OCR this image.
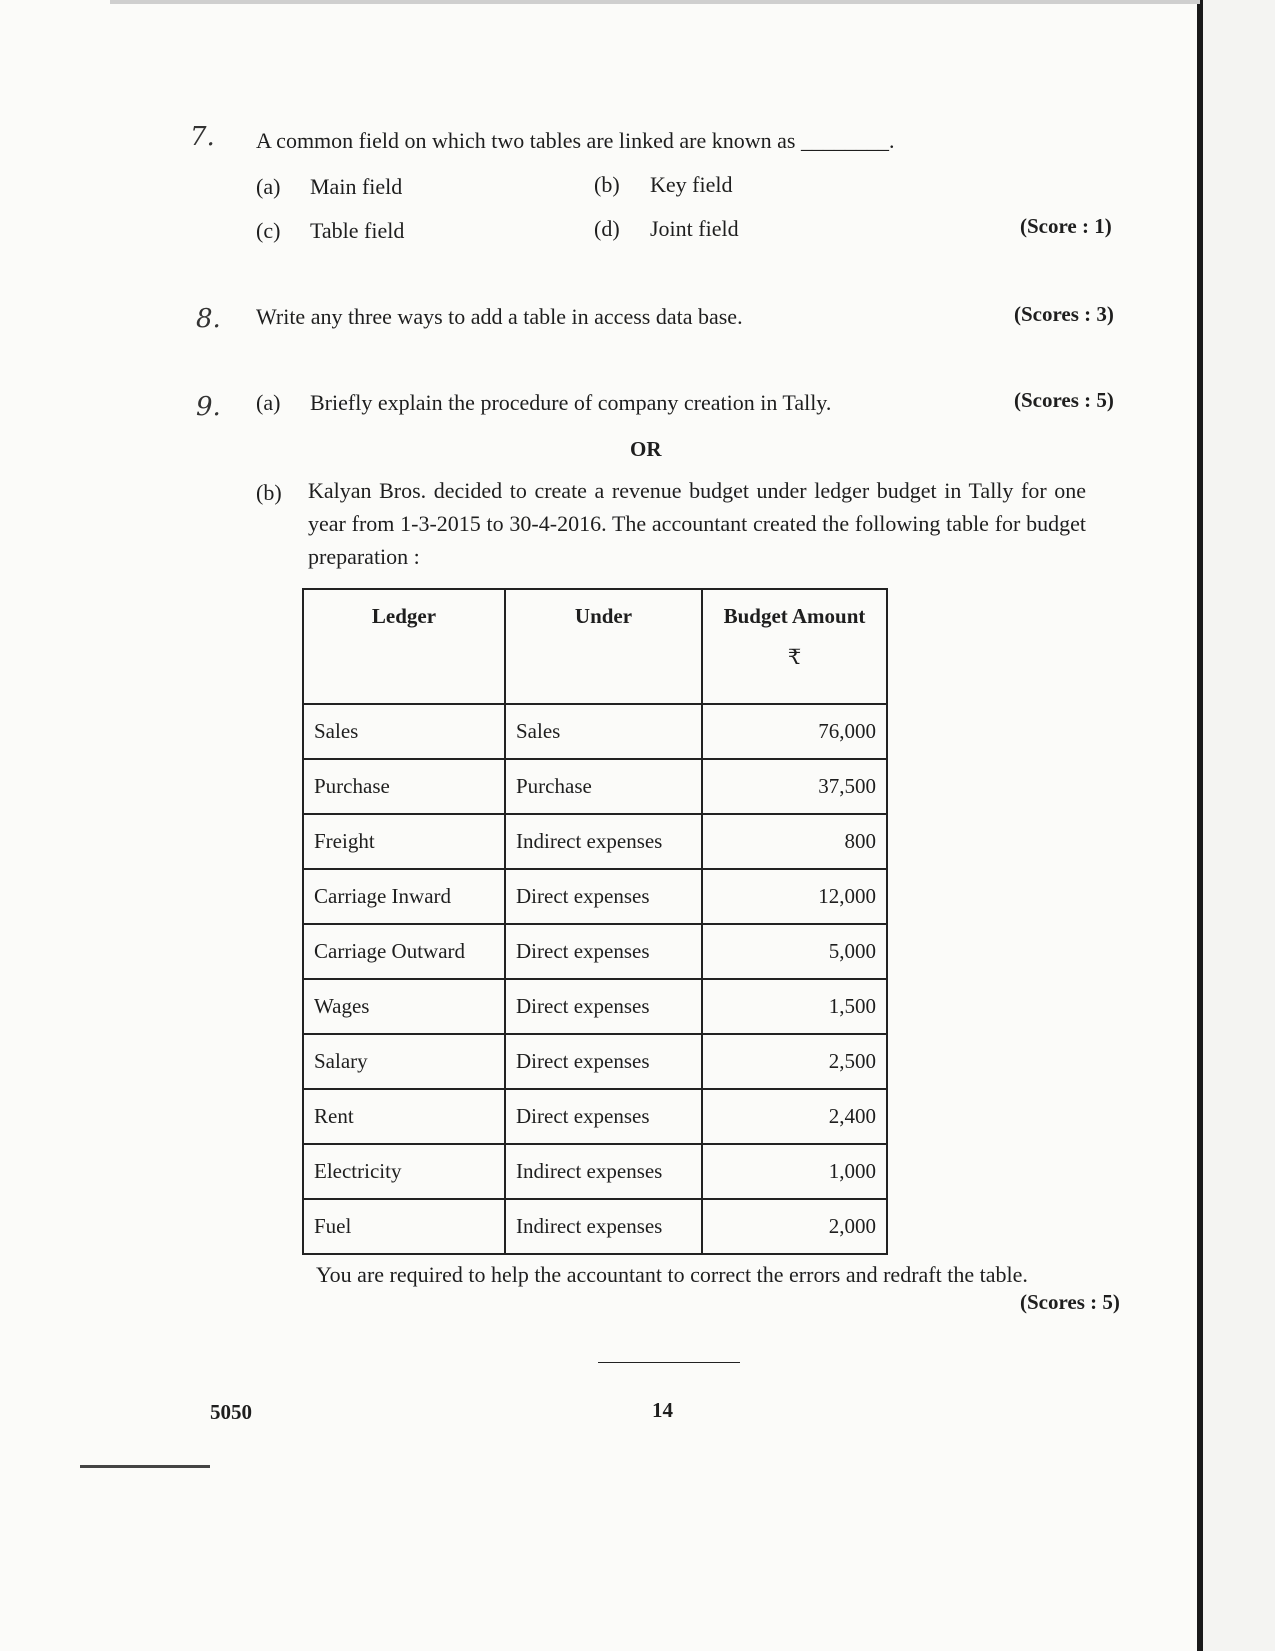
7. A common field on which two tables are linked are known as ________.
(a) Main field	(b) Key field
(c) Table field	(d) Joint field	(Score : 1)
8. Write any three ways to add a table in access data base.	(Scores : 3)
9. (a) Briefly explain the procedure of company creation in Tally.	(Scores : 5)
OR
(b) Kalyan Bros. decided to create a revenue budget under ledger budget in Tally for one year from 1-3-2015 to 30-4-2016. The accountant created the following table for budget preparation :
Ledger	Under	Budget Amount
₹

Sales	Sales	76,000
Purchase	Purchase	37,500
Freight	Indirect expenses	800
Carriage Inward	Direct expenses	12,000
Carriage Outward	Direct expenses	5,000
Wages	Direct expenses	1,500
Salary	Direct expenses	2,500
Rent	Direct expenses	2,400
Electricity	Indirect expenses	1,000
Fuel	Indirect expenses	2,000
You are required to help the accountant to correct the errors and redraft the table.
(Scores : 5)
5050	14
